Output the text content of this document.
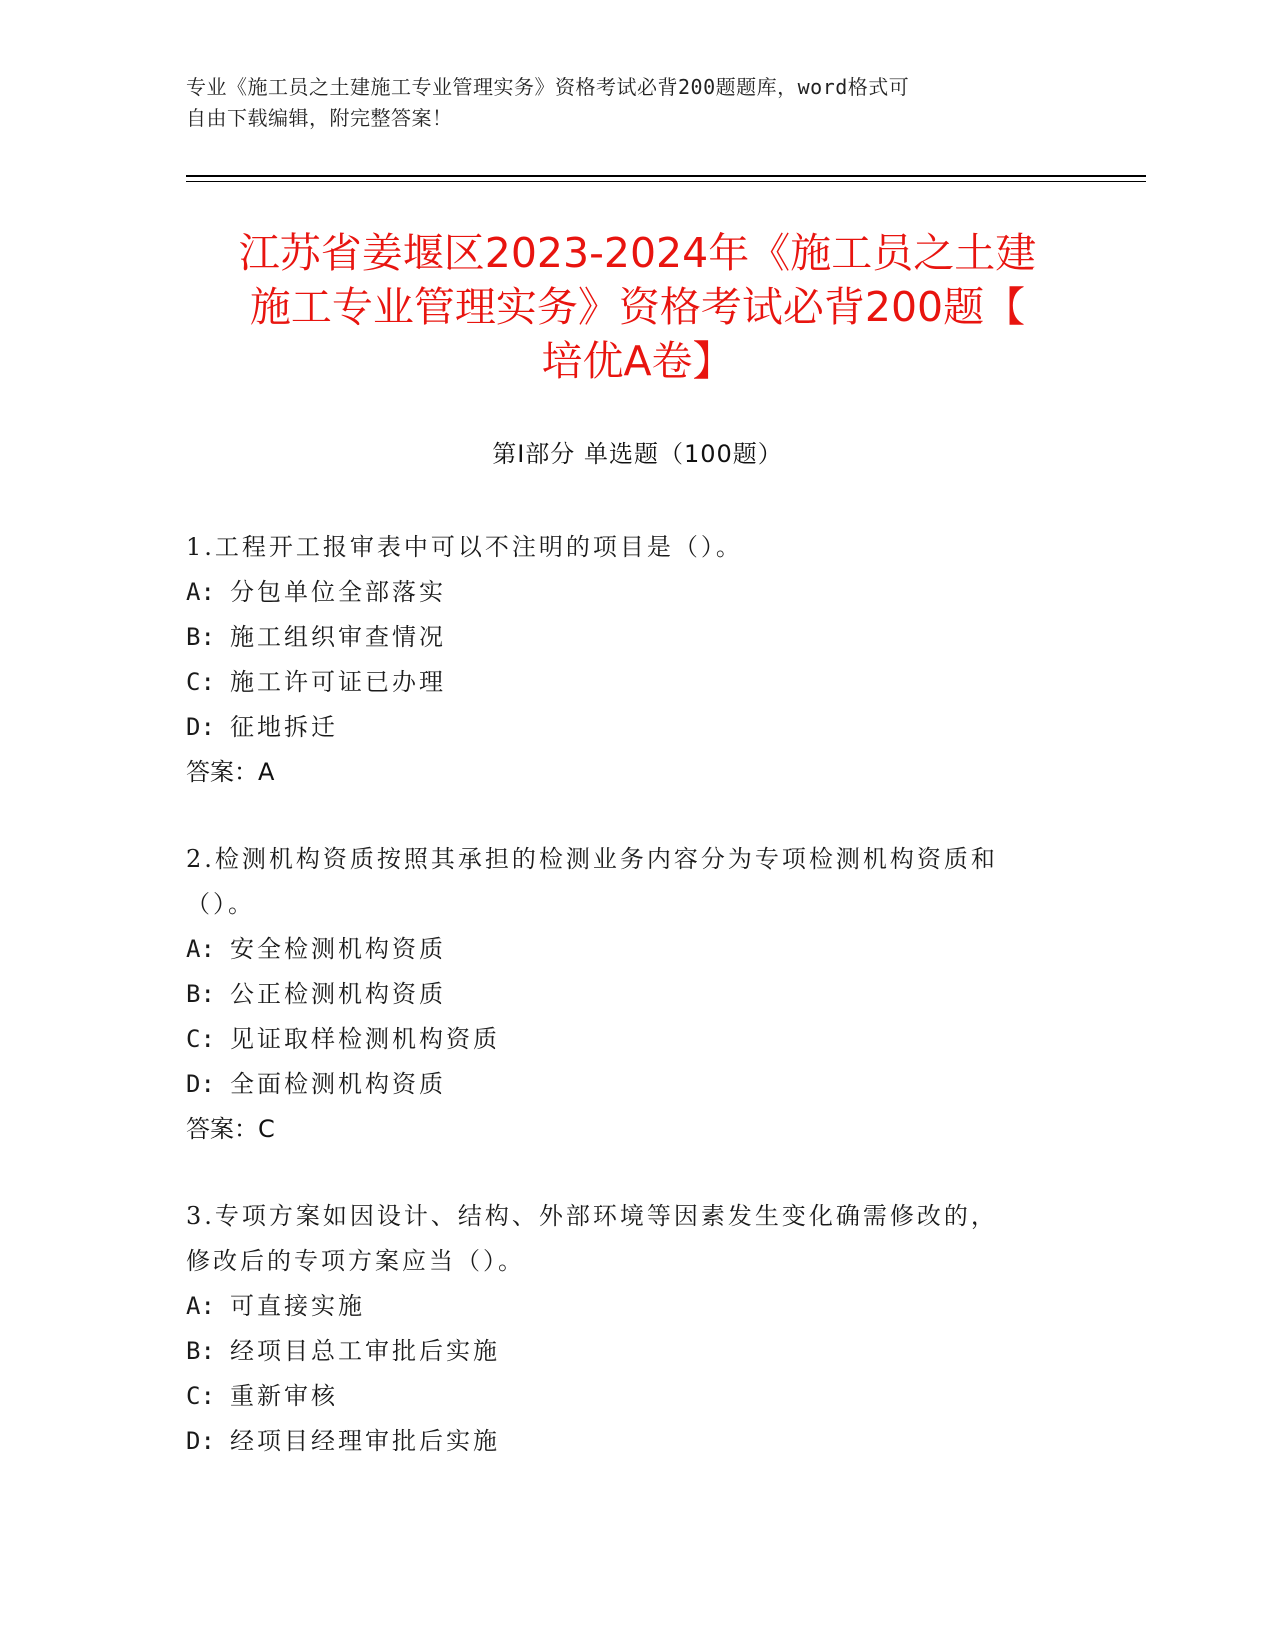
专业《施工员之土建施工专业管理实务》资格考试必背200题题库，word格式可
自由下载编辑，附完整答案！
江苏省姜堰区2023-2024年《施工员之土建
施工专业管理实务》资格考试必背200题【
培优A卷】
第Ⅰ部分 单选题（100题）
1.工程开工报审表中可以不注明的项目是（）。
A: 分包单位全部落实
B: 施工组织审查情况
C: 施工许可证已办理
D: 征地拆迁
答案：A
2.检测机构资质按照其承担的检测业务内容分为专项检测机构资质和
（）。
A: 安全检测机构资质
B: 公正检测机构资质
C: 见证取样检测机构资质
D: 全面检测机构资质
答案：C
3.专项方案如因设计、结构、外部环境等因素发生变化确需修改的，
修改后的专项方案应当（）。
A: 可直接实施
B: 经项目总工审批后实施
C: 重新审核
D: 经项目经理审批后实施
